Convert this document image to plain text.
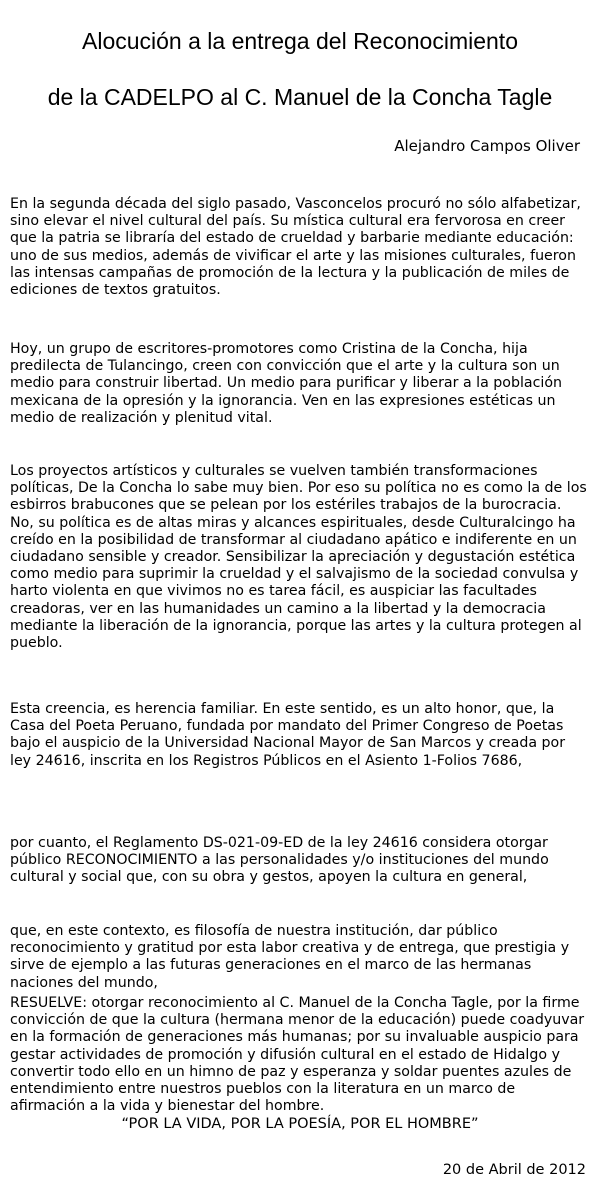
Alocución a la entrega del Reconocimiento
de la CADELPO al C. Manuel de la Concha Tagle
Alejandro Campos Oliver

En la segunda década del siglo pasado, Vasconcelos procuró no sólo alfabetizar, sino elevar el nivel cultural del país. Su mística cultural era fervorosa en creer que la patria se libraría del estado de crueldad y barbarie mediante educación: uno de sus medios, además de vivificar el arte y las misiones culturales, fueron las intensas campañas de promoción de la lectura y la publicación de miles de ediciones de textos gratuitos.

Hoy, un grupo de escritores-promotores como Cristina de la Concha, hija predilecta de Tulancingo, creen con convicción que el arte y la cultura son un medio para construir libertad. Un medio para purificar y liberar a la población mexicana de la opresión y la ignorancia. Ven en las expresiones estéticas un medio de realización y plenitud vital.

Los proyectos artísticos y culturales se vuelven también transformaciones políticas, De la Concha lo sabe muy bien. Por eso su política no es como la de los esbirros brabucones que se pelean por los estériles trabajos de la burocracia. No, su política es de altas miras y alcances espirituales, desde Culturalcingo ha creído en la posibilidad de transformar al ciudadano apático e indiferente en un ciudadano sensible y creador. Sensibilizar la apreciación y degustación estética como medio para suprimir la crueldad y el salvajismo de la sociedad convulsa y harto violenta en que vivimos no es tarea fácil, es auspiciar las facultades creadoras, ver en las humanidades un camino a la libertad y la democracia mediante la liberación de la ignorancia, porque las artes y la cultura protegen al pueblo.

Esta creencia, es herencia familiar. En este sentido, es un alto honor, que, la Casa del Poeta Peruano, fundada por mandato del Primer Congreso de Poetas bajo el auspicio de la Universidad Nacional Mayor de San Marcos y creada por ley 24616, inscrita en los Registros Públicos en el Asiento 1-Folios 7686,

por cuanto, el Reglamento DS-021-09-ED de la ley 24616 considera otorgar público RECONOCIMIENTO a las personalidades y/o instituciones del mundo cultural y social que, con su obra y gestos, apoyen la cultura en general,

que, en este contexto, es filosofía de nuestra institución, dar público reconocimiento y gratitud por esta labor creativa y de entrega, que prestigia y sirve de ejemplo a las futuras generaciones en el marco de las hermanas naciones del mundo,

RESUELVE: otorgar reconocimiento al C. Manuel de la Concha Tagle, por la firme convicción de que la cultura (hermana menor de la educación) puede coadyuvar en la formación de generaciones más humanas; por su invaluable auspicio para gestar actividades de promoción y difusión cultural en el estado de Hidalgo y convertir todo ello en un himno de paz y esperanza y soldar puentes azules de entendimiento entre nuestros pueblos con la literatura en un marco de afirmación a la vida y bienestar del hombre.

“POR LA VIDA, POR LA POESÍA, POR EL HOMBRE”
20 de Abril de 2012
